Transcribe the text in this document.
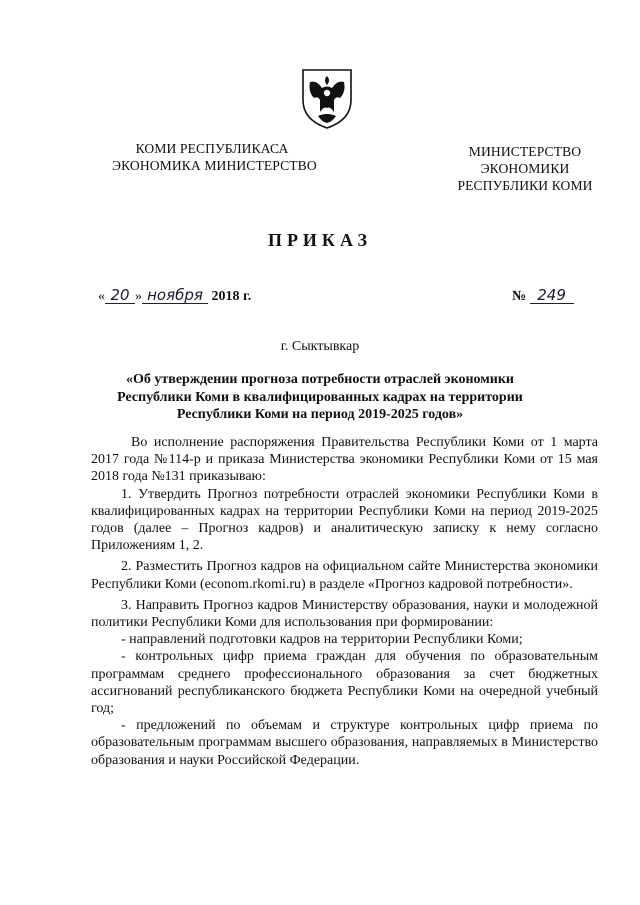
КОМИ РЕСПУБЛИКАСА
ЭКОНОМИКА МИНИСТЕРСТВО
МИНИСТЕРСТВО
ЭКОНОМИКИ
РЕСПУБЛИКИ КОМИ
ПРИКАЗ
« 20 » ноября 2018 г.	№ 249
г. Сыктывкар
«Об утверждении прогноза потребности отраслей экономики Республики Коми в квалифицированных кадрах на территории Республики Коми на период 2019-2025 годов»

Во исполнение распоряжения Правительства Республики Коми от 1 марта 2017 года №114-р и приказа Министерства экономики Республики Коми от 15 мая 2018 года №131 приказываю:

1. Утвердить Прогноз потребности отраслей экономики Республики Коми в квалифицированных кадрах на территории Республики Коми на период 2019-2025 годов (далее – Прогноз кадров) и аналитическую записку к нему согласно Приложениям 1, 2.

2. Разместить Прогноз кадров на официальном сайте Министерства экономики Республики Коми (econom.rkomi.ru) в разделе «Прогноз кадровой потребности».

3. Направить Прогноз кадров Министерству образования, науки и молодежной политики Республики Коми для использования при формировании:

- направлений подготовки кадров на территории Республики Коми;

- контрольных цифр приема граждан для обучения по образовательным программам среднего профессионального образования за счет бюджетных ассигнований республиканского бюджета Республики Коми на очередной учебный год;

- предложений по объемам и структуре контрольных цифр приема по образовательным программам высшего образования, направляемых в Министерство образования и науки Российской Федерации.
